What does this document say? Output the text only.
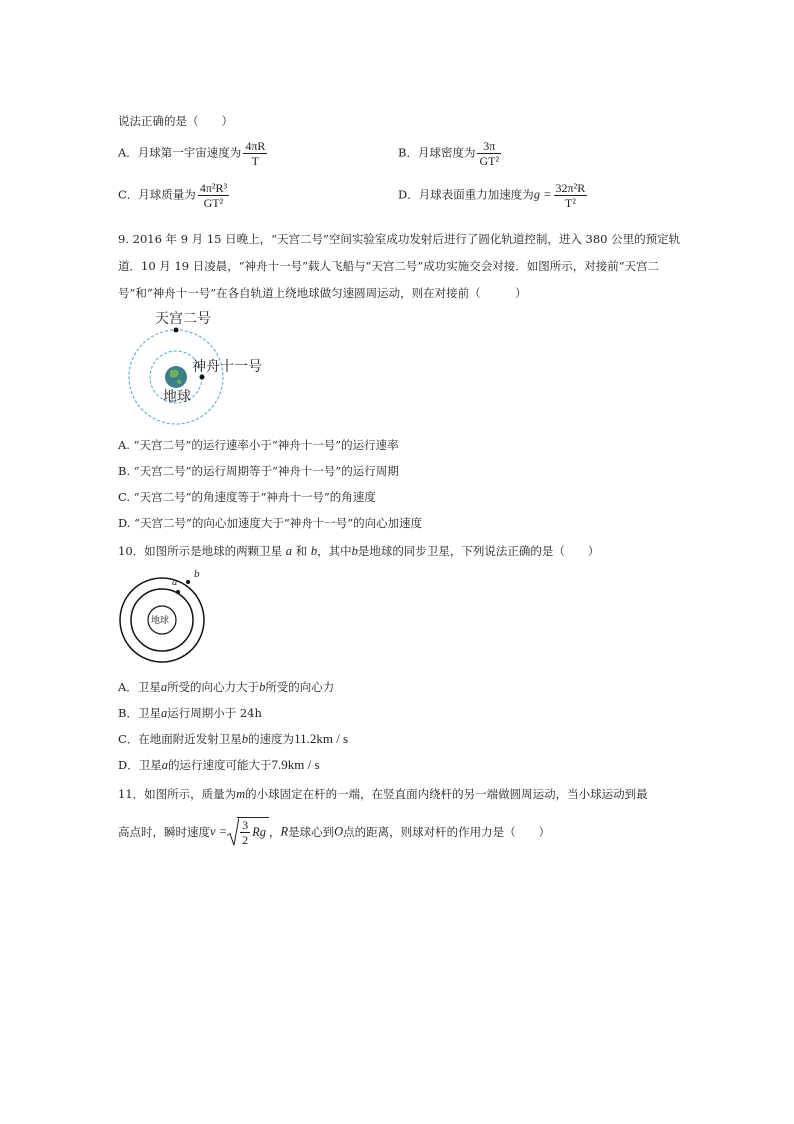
说法正确的是（　　）
A．月球第一宇宙速度为 $\frac{4\pi R}{T}$	B．月球密度为 $\frac{3\pi}{\text{GT²}}$
C．月球质量为 $\frac{\text{4π²R³}}{\text{GT²}}$	D．月球表面重力加速度为$g = \frac{\text{32π²R}}{\text{T²}}$
9. 2016 年 9 月 15 日晚上，“天宫二号”空间实验室成功发射后进行了圆化轨道控制，进入 380 公里的预定轨
道．10 月 19 日凌晨，“神舟十一号”载人飞船与“天宫二号”成功实施交会对接．如图所示，对接前“天宫二
号”和“神舟十一号”在各自轨道上绕地球做匀速圆周运动，则在对接前（　　　）
天宫二号
神舟十一号
地球
A. “天宫二号”的运行速率小于“神舟十一号”的运行速率
B. “天宫二号”的运行周期等于“神舟十一号”的运行周期
C. “天宫二号”的角速度等于“神舟十一号”的角速度
D. “天宫二号”的向心加速度大于“神舟十一号”的向心加速度
10．如图所示是地球的两颗卫星 a 和 b，其中b是地球的同步卫星，下列说法正确的是（　　）
地球
a
b
A．卫星a所受的向心力大于b所受的向心力
B．卫星a运行周期小于 24h
C．在地面附近发射卫星b的速度为11.2km / s
D．卫星a的运行速度可能大于7.9km / s
11．如图所示，质量为m的小球固定在杆的一端，在竖直面内绕杆的另一端做圆周运动，当小球运动到最
高点时，瞬时速度$v = \frac{3}{2}$ Rg ，R是球心到O点的距离，则球对杆的作用力是（　　）
